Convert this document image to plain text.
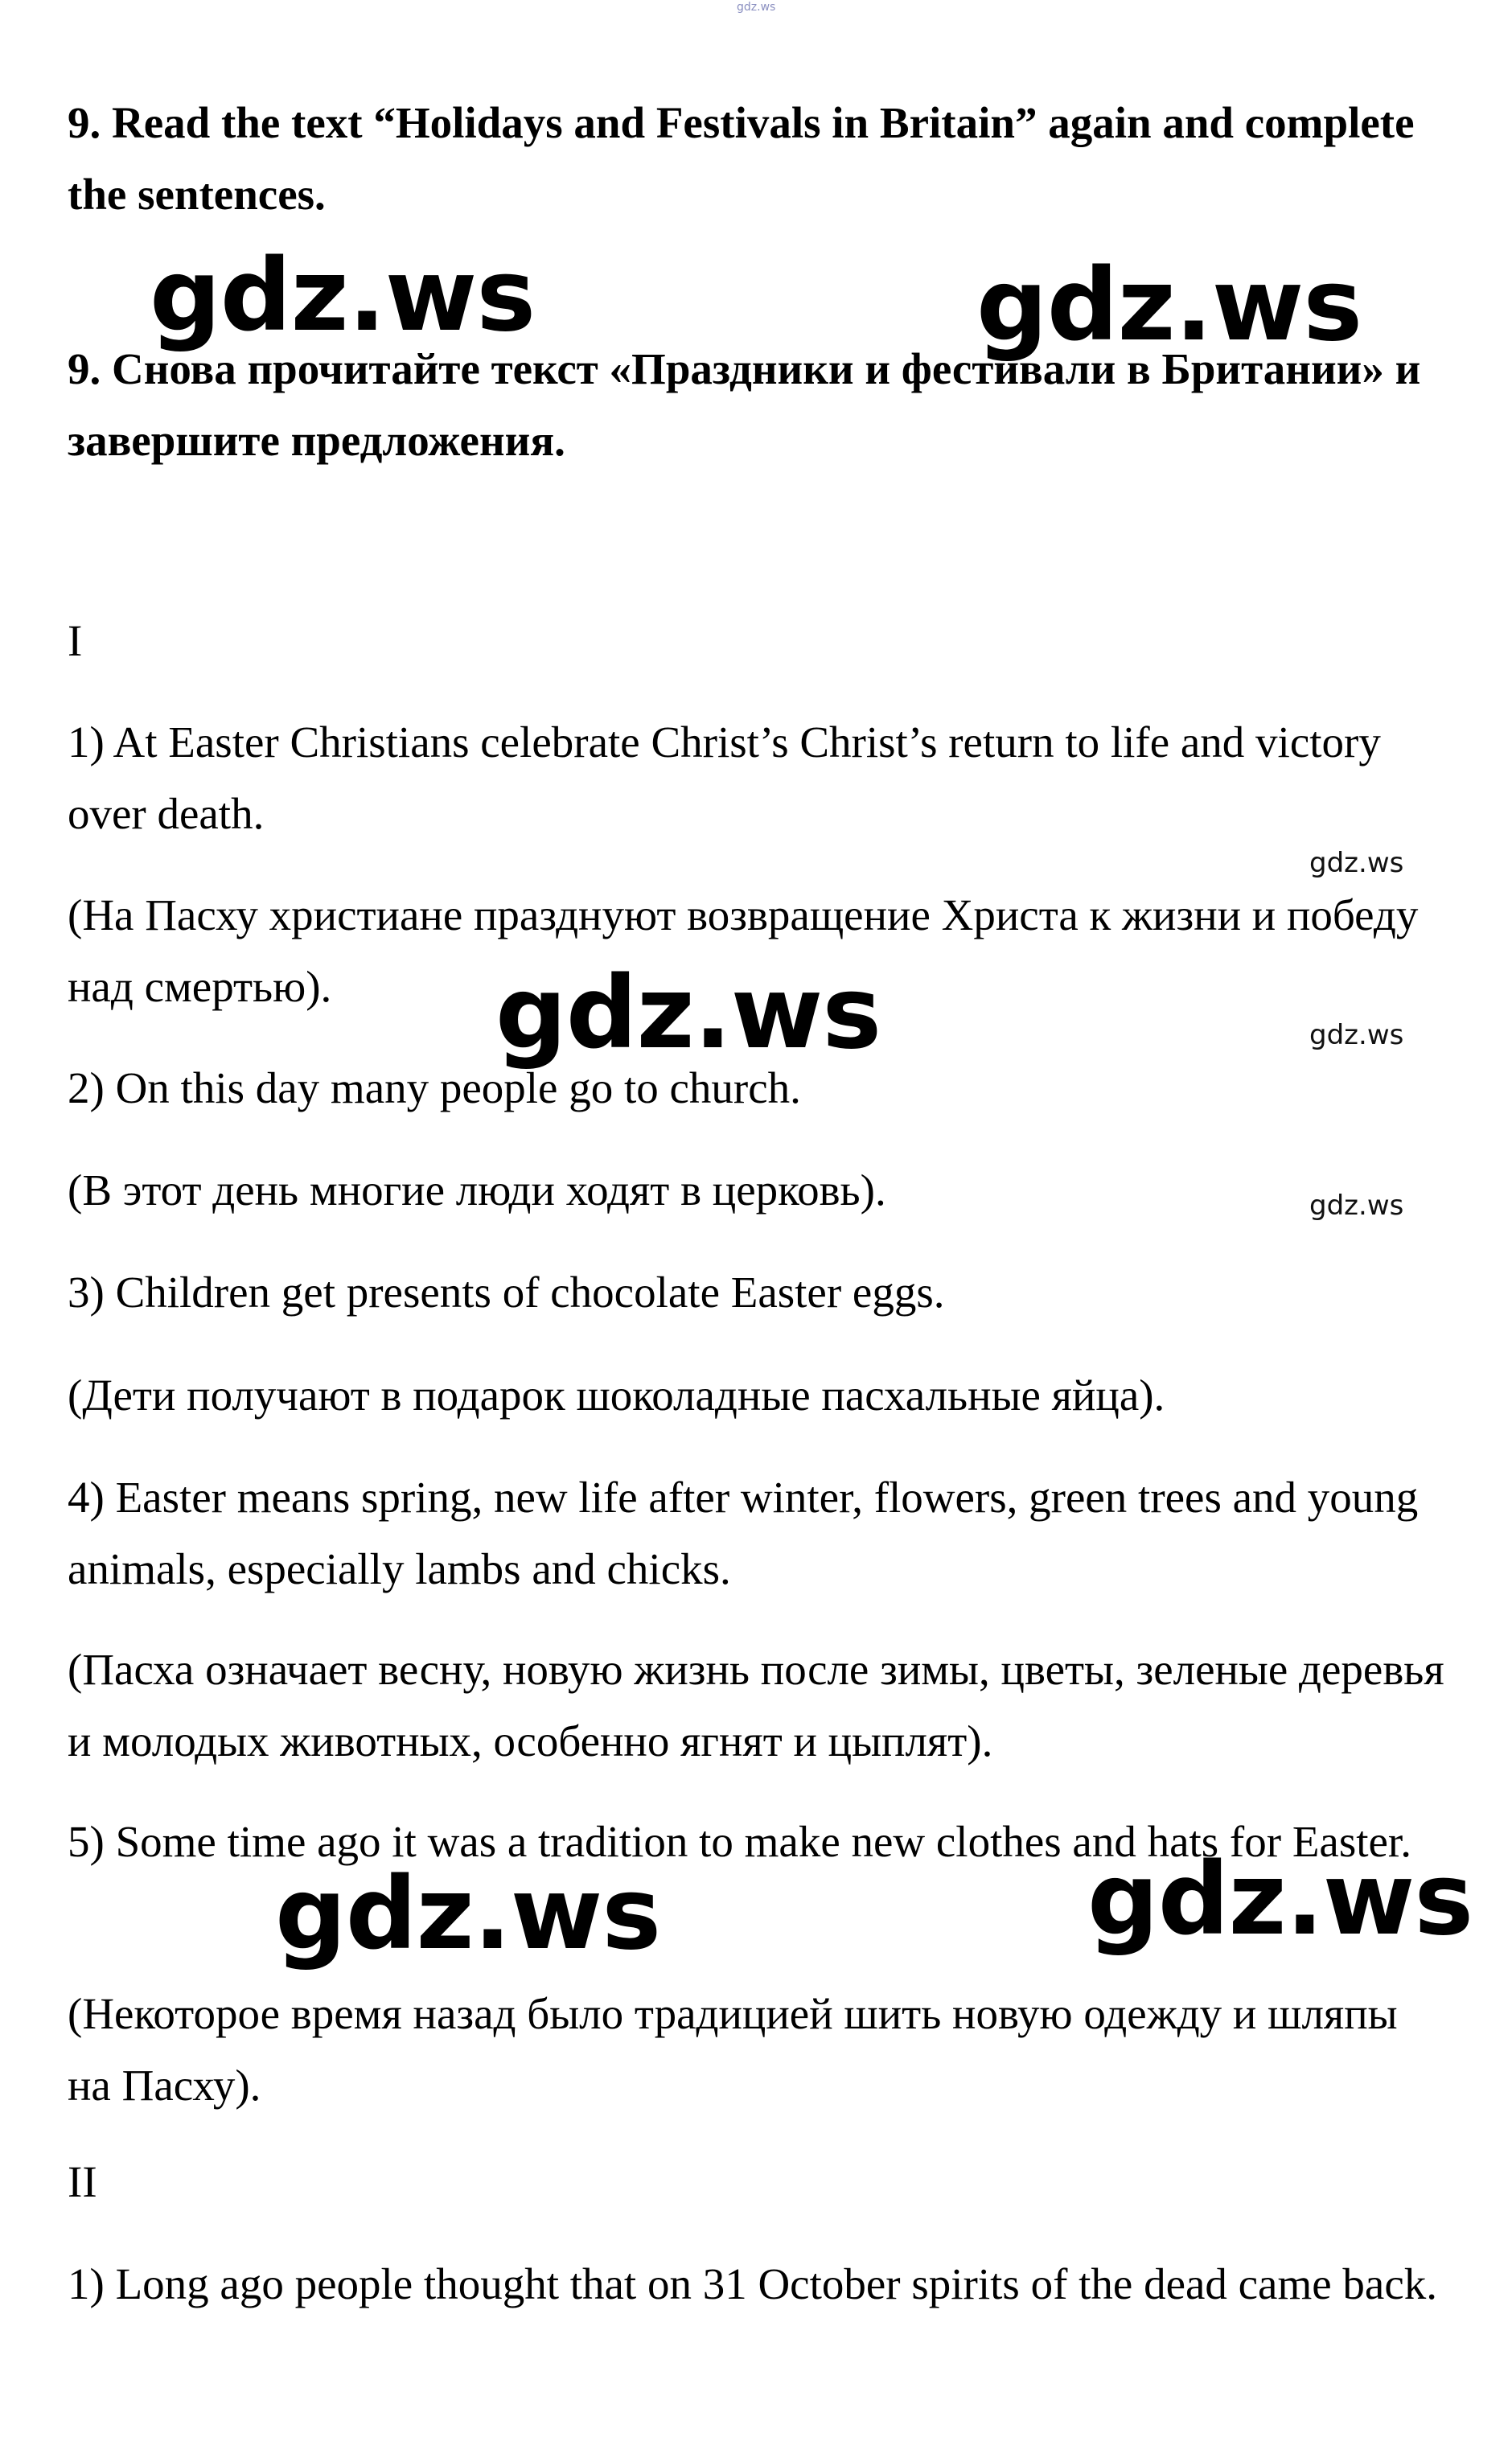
gdz.ws

9. Read the text “Holidays and Festivals in Britain” again and complete the sentences.

9. Снова прочитайте текст «Праздники и фестивали в Британии» и завершите предложения.

I

1) At Easter Christians celebrate Christ’s Christ’s return to life and victory over death.

(На Пасху христиане празднуют возвращение Христа к жизни и победу над смертью).

2) On this day many people go to church.

(В этот день многие люди ходят в церковь).

3) Children get presents of chocolate Easter eggs.

(Дети получают в подарок шоколадные пасхальные яйца).

4) Easter means spring, new life after winter, flowers, green trees and young animals, especially lambs and chicks.

(Пасха означает весну, новую жизнь после зимы, цветы, зеленые деревья и молодых животных, особенно ягнят и цыплят).

5) Some time ago it was a tradition to make new clothes and hats for Easter.

(Некоторое время назад было традицией шить новую одежду и шляпы на Пасху).

II

1) Long ago people thought that on 31 October spirits of the dead came back.

gdz.ws	gdz.ws
gdz.ws
gdz.ws	gdz.ws
gdz.ws
gdz.ws
gdz.ws
